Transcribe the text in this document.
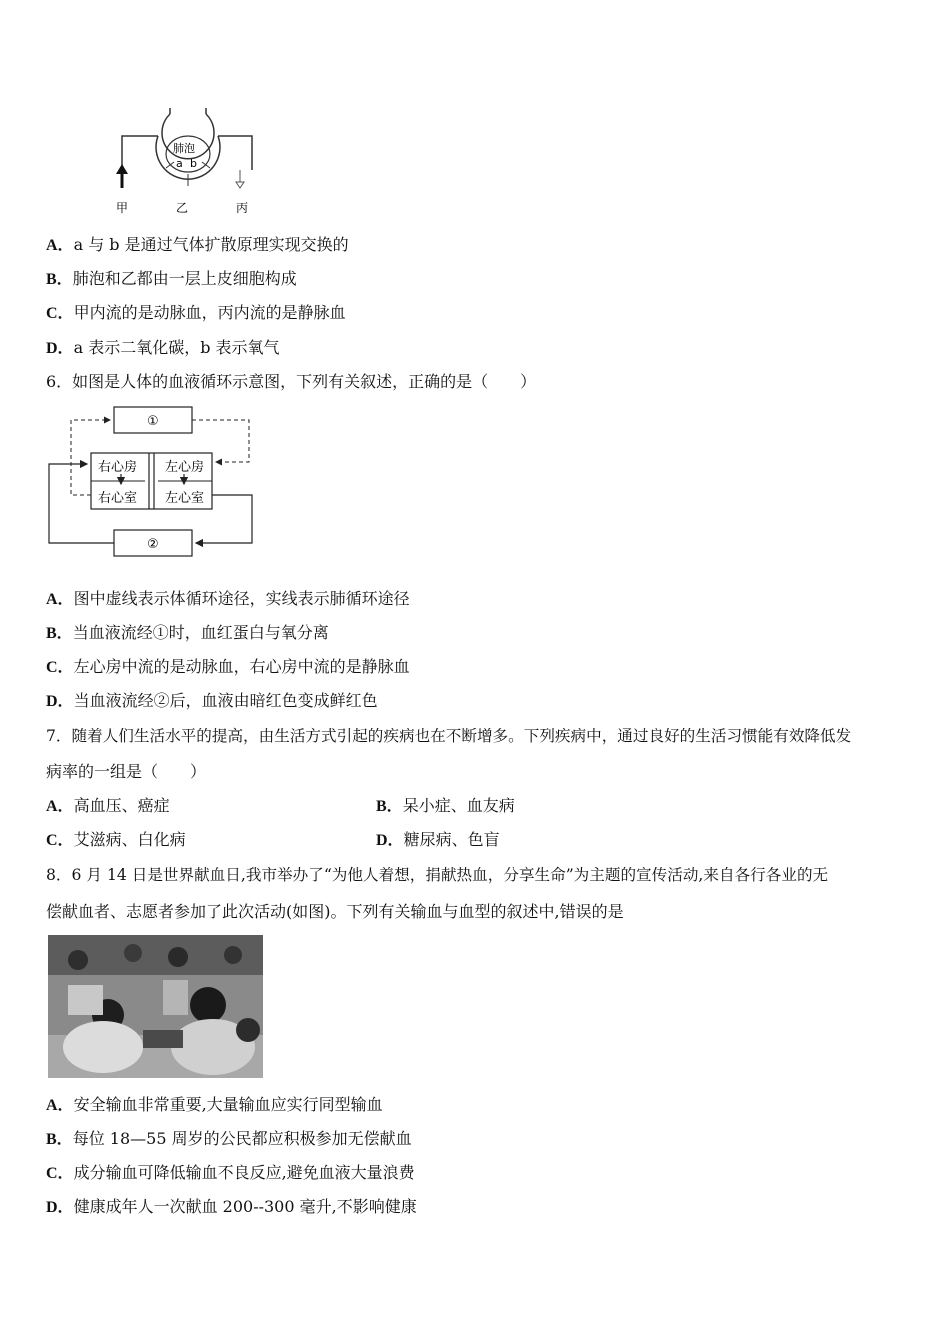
肺泡
a b
甲	乙	丙
A．a 与 b 是通过气体扩散原理实现交换的
B．肺泡和乙都由一层上皮细胞构成
C．甲内流的是动脉血，丙内流的是静脉血
D．a 表示二氧化碳，b 表示氧气
6．如图是人体的血液循环示意图，下列有关叙述，正确的是（　　）
①
右心房
右心室
左心房
左心室
②
A．图中虚线表示体循环途径，实线表示肺循环途径
B．当血液流经①时，血红蛋白与氧分离
C．左心房中流的是动脉血，右心房中流的是静脉血
D．当血液流经②后，血液由暗红色变成鲜红色
7．随着人们生活水平的提高，由生活方式引起的疾病也在不断增多。下列疾病中，通过良好的生活习惯能有效降低发
病率的一组是（　　）
A．高血压、癌症	B．呆小症、血友病
C．艾滋病、白化病	D．糖尿病、色盲
8．6 月 14 日是世界献血日,我市举办了“为他人着想，捐献热血，分享生命”为主题的宣传活动,来自各行各业的无
偿献血者、志愿者参加了此次活动(如图)。下列有关输血与血型的叙述中,错误的是
A．安全输血非常重要,大量输血应实行同型输血
B．每位 18—55 周岁的公民都应积极参加无偿献血
C．成分输血可降低输血不良反应,避免血液大量浪费
D．健康成年人一次献血 200--300 毫升,不影响健康
